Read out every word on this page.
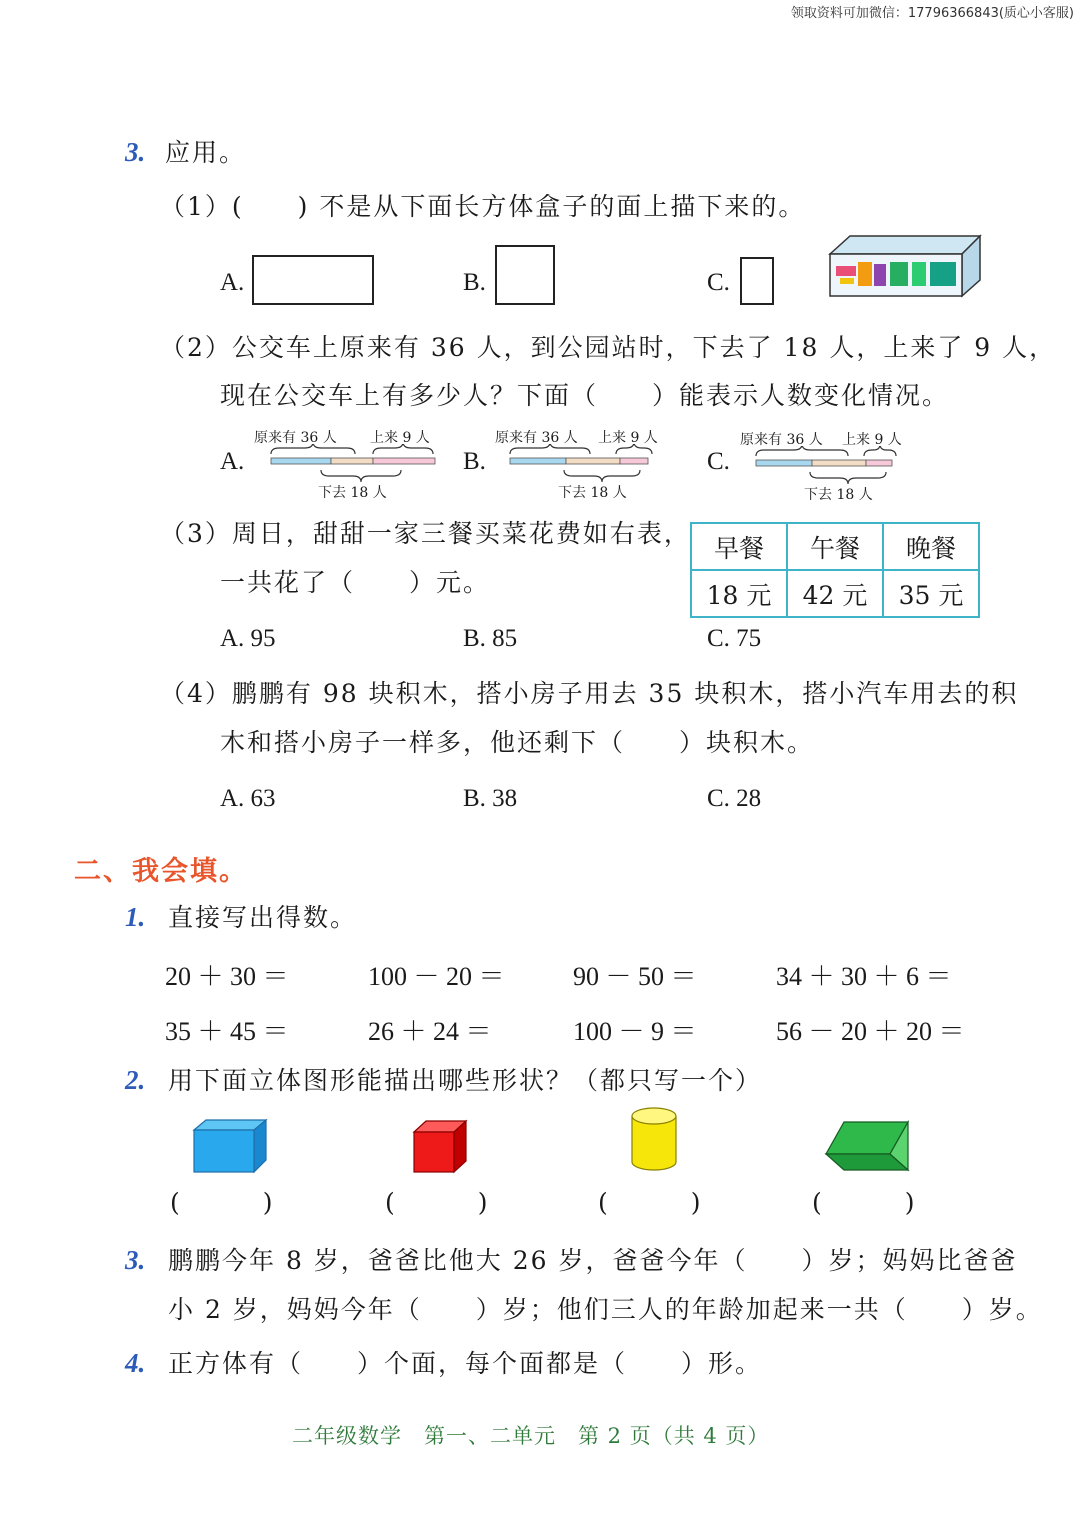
领取资料可加微信：17796366843(质心小客服)
3. 应用。
（1）(　　) 不是从下面长方体盒子的面上描下来的。
A.	B.	C.
（2）公交车上原来有 36 人，到公园站时，下去了 18 人，上来了 9 人，
现在公交车上有多少人？下面（　　）能表示人数变化情况。
A.
原来有 36 人 上来 9 人
下去 18 人
B.
原来有 36 人 上来 9 人
下去 18 人
C.
原来有 36 人 上来 9 人
下去 18 人
（3）周日，甜甜一家三餐买菜花费如右表，
一共花了（　　）元。
早餐	午餐	晚餐
18 元	42 元	35 元
A. 95	B. 85	C. 75
（4）鹏鹏有 98 块积木，搭小房子用去 35 块积木，搭小汽车用去的积
木和搭小房子一样多，他还剩下（　　）块积木。
A. 63	B. 38	C. 28
二、我会填。
1. 直接写出得数。
20 ＋ 30 ＝	100 － 20 ＝	90 － 50 ＝	34 ＋ 30 ＋ 6 ＝
35 ＋ 45 ＝	26 ＋ 24 ＝	100 － 9 ＝	56 － 20 ＋ 20 ＝
2. 用下面立体图形能描出哪些形状？（都只写一个）
(　　　)	(　　　)	(　　　)	(　　　)
3. 鹏鹏今年 8 岁，爸爸比他大 26 岁，爸爸今年（　　）岁；妈妈比爸爸
小 2 岁，妈妈今年（　　）岁；他们三人的年龄加起来一共（　　）岁。
4. 正方体有（　　）个面，每个面都是（　　）形。
二年级数学　第一、二单元　第 2 页（共 4 页）
